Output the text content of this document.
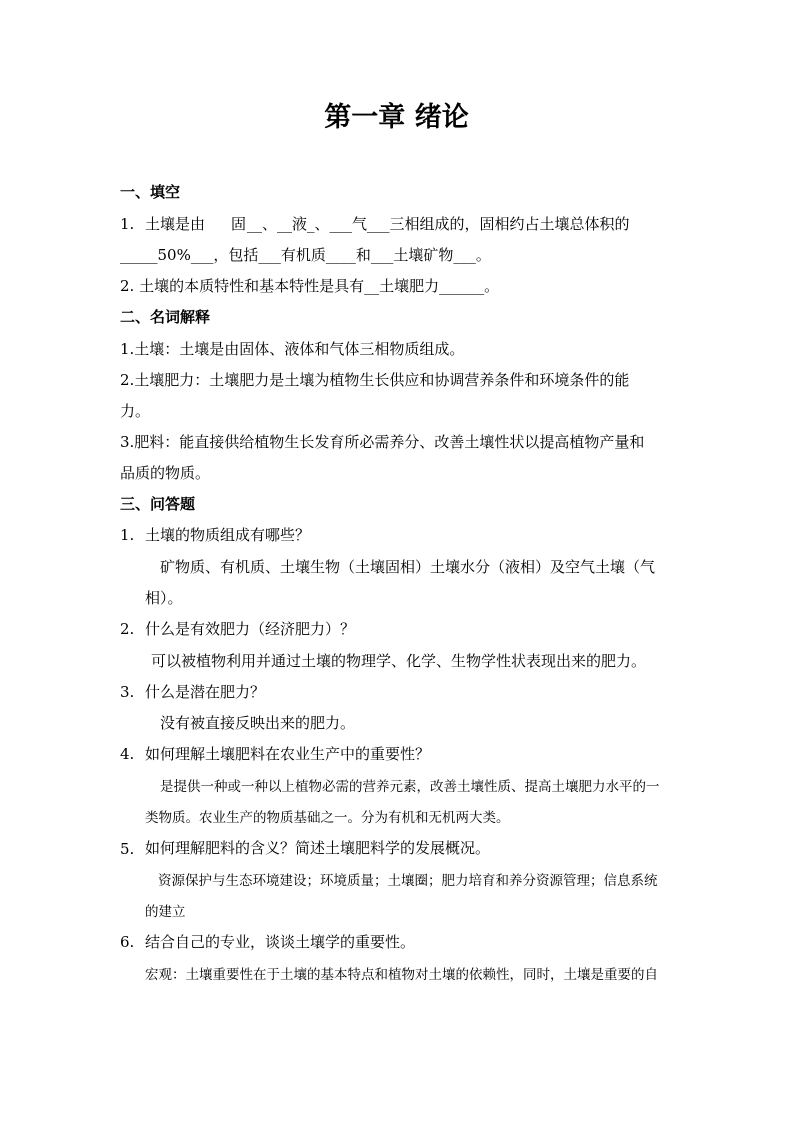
第一章 绪论
一、填空
1. 土壤是由 固 __、__液_、___气___三相组成的，固相约占土壤总体积的
_____50%___，包括___有机质____和___土壤矿物___。
2. 土壤的本质特性和基本特性是具有__土壤肥力______。
二、名词解释
1.土壤：土壤是由固体、液体和气体三相物质组成。
2.土壤肥力：土壤肥力是土壤为植物生长供应和协调营养条件和环境条件的能
力。
3.肥料：能直接供给植物生长发育所必需养分、改善土壤性状以提高植物产量和
品质的物质。
三、问答题
1. 土壤的物质组成有哪些？
矿物质、有机质、土壤生物（土壤固相）土壤水分（液相）及空气土壤（气
相）。
2. 什么是有效肥力（经济肥力）？
可以被植物利用并通过土壤的物理学、化学、生物学性状表现出来的肥力。
3. 什么是潜在肥力？
没有被直接反映出来的肥力。
4. 如何理解土壤肥料在农业生产中的重要性？
是提供一种或一种以上植物必需的营养元素，改善土壤性质、提高土壤肥力水平的一
类物质。农业生产的物质基础之一。分为有机和无机两大类。
5. 如何理解肥料的含义？简述土壤肥料学的发展概况。
资源保护与生态环境建设；环境质量；土壤圈；肥力培育和养分资源管理；信息系统
的建立
6. 结合自己的专业，谈谈土壤学的重要性。
宏观：土壤重要性在于土壤的基本特点和植物对土壤的依赖性，同时，土壤是重要的自
